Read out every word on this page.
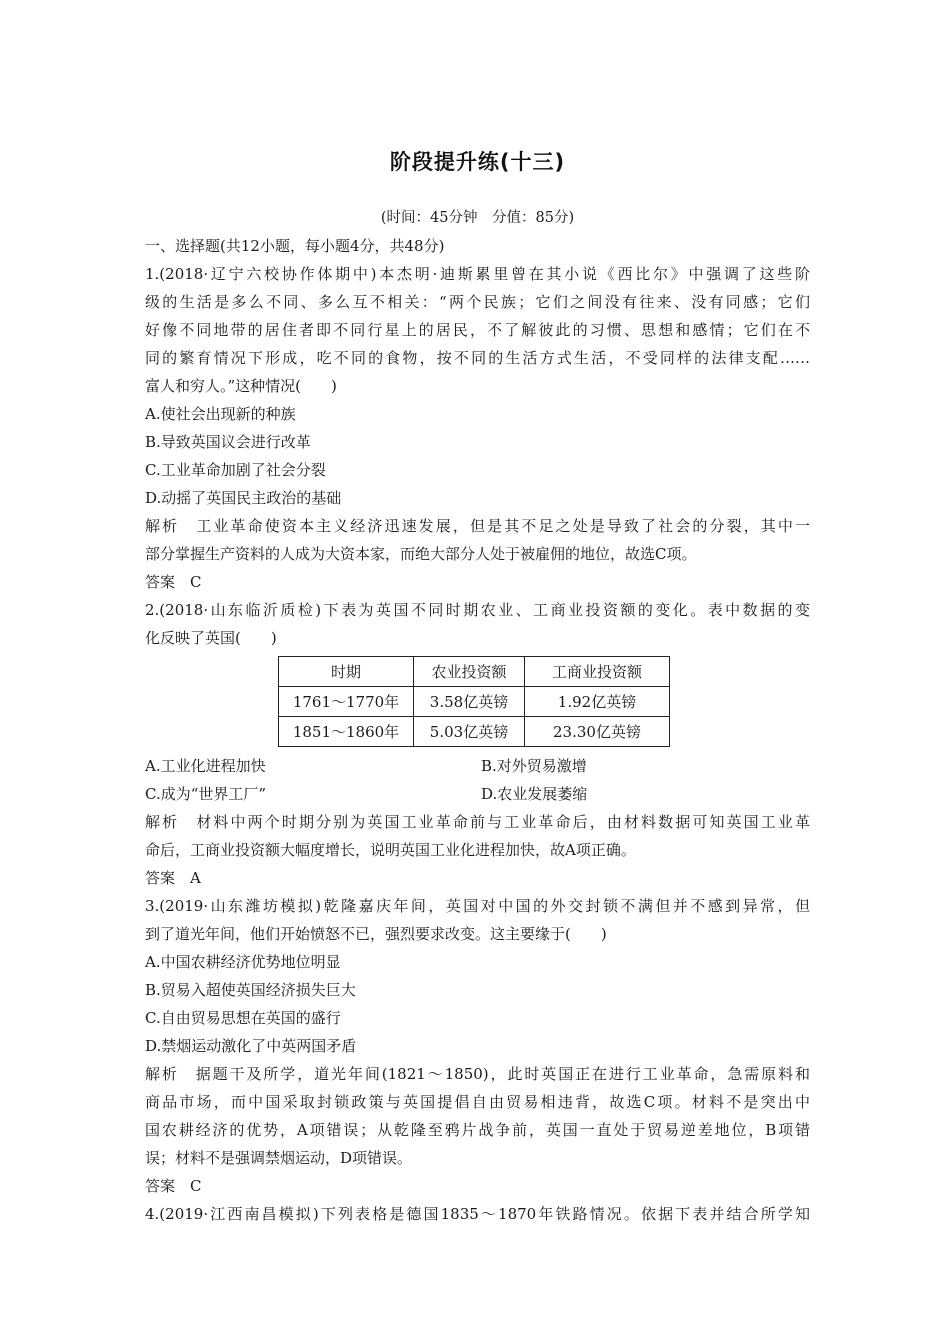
阶段提升练(十三)
(时间：45分钟　分值：85分)
一、选择题(共12小题，每小题4分，共48分)
1.(2018·辽宁六校协作体期中)本杰明·迪斯累里曾在其小说《西比尔》中强调了这些阶
级的生活是多么不同、多么互不相关：“两个民族；它们之间没有往来、没有同感；它们
好像不同地带的居住者即不同行星上的居民，不了解彼此的习惯、思想和感情；它们在不
同的繁育情况下形成，吃不同的食物，按不同的生活方式生活，不受同样的法律支配……
富人和穷人。”这种情况(　　)
A.使社会出现新的种族
B.导致英国议会进行改革
C.工业革命加剧了社会分裂
D.动摇了英国民主政治的基础
解析　工业革命使资本主义经济迅速发展，但是其不足之处是导致了社会的分裂，其中一
部分掌握生产资料的人成为大资本家，而绝大部分人处于被雇佣的地位，故选C项。
答案　C
2.(2018·山东临沂质检)下表为英国不同时期农业、工商业投资额的变化。表中数据的变
化反映了英国(　　)
时期	农业投资额	工商业投资额
1761～1770年	3.58亿英镑	1.92亿英镑
1851～1860年	5.03亿英镑	23.30亿英镑
A.工业化进程加快	B.对外贸易激增
C.成为“世界工厂”	D.农业发展萎缩
解析　材料中两个时期分别为英国工业革命前与工业革命后，由材料数据可知英国工业革
命后，工商业投资额大幅度增长，说明英国工业化进程加快，故A项正确。
答案　A
3.(2019·山东潍坊模拟)乾隆嘉庆年间，英国对中国的外交封锁不满但并不感到异常，但
到了道光年间，他们开始愤怒不已，强烈要求改变。这主要缘于(　　)
A.中国农耕经济优势地位明显
B.贸易入超使英国经济损失巨大
C.自由贸易思想在英国的盛行
D.禁烟运动激化了中英两国矛盾
解析　据题干及所学，道光年间(1821～1850)，此时英国正在进行工业革命，急需原料和
商品市场，而中国采取封锁政策与英国提倡自由贸易相违背，故选C项。材料不是突出中
国农耕经济的优势，A项错误；从乾隆至鸦片战争前，英国一直处于贸易逆差地位，B项错
误；材料不是强调禁烟运动，D项错误。
答案　C
4.(2019·江西南昌模拟)下列表格是德国1835～1870年铁路情况。依据下表并结合所学知
